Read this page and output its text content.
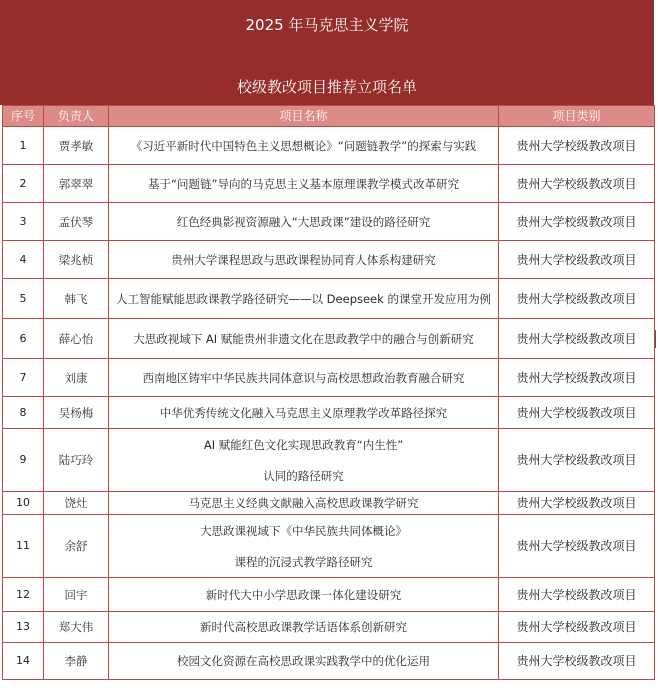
2025 年马克思主义学院
校级教改项目推荐立项名单
序号	负责人	项目名称	项目类别
1	贾孝敏	《习近平新时代中国特色主义思想概论》“问题链教学”的探索与实践	贵州大学校级教改项目
2	郭翠翠	基于“问题链”导向的马克思主义基本原理课教学模式改革研究	贵州大学校级教改项目
3	孟伏琴	红色经典影视资源融入“大思政课”建设的路径研究	贵州大学校级教改项目
4	梁兆桢	贵州大学课程思政与思政课程协同育人体系构建研究	贵州大学校级教改项目
5	韩飞	人工智能赋能思政课教学路径研究——以 Deepseek 的课堂开发应用为例	贵州大学校级教改项目
6	薛心怡	大思政视域下 AI 赋能贵州非遗文化在思政教学中的融合与创新研究	贵州大学校级教改项目
7	刘康	西南地区铸牢中华民族共同体意识与高校思想政治教育融合研究	贵州大学校级教改项目
8	吴杨梅	中华优秀传统文化融入马克思主义原理教学改革路径探究	贵州大学校级教改项目
9	陆巧玲	AI 赋能红色文化实现思政教育“内生性”
认同的路径研究	贵州大学校级教改项目
10	饶灶	马克思主义经典文献融入高校思政课教学研究	贵州大学校级教改项目
11	余舒	大思政课视域下《中华民族共同体概论》
课程的沉浸式教学路径研究	贵州大学校级教改项目
12	回宇	新时代大中小学思政课一体化建设研究	贵州大学校级教改项目
13	郑大伟	新时代高校思政课教学话语体系创新研究	贵州大学校级教改项目
14	李静	校园文化资源在高校思政课实践教学中的优化运用	贵州大学校级教改项目
